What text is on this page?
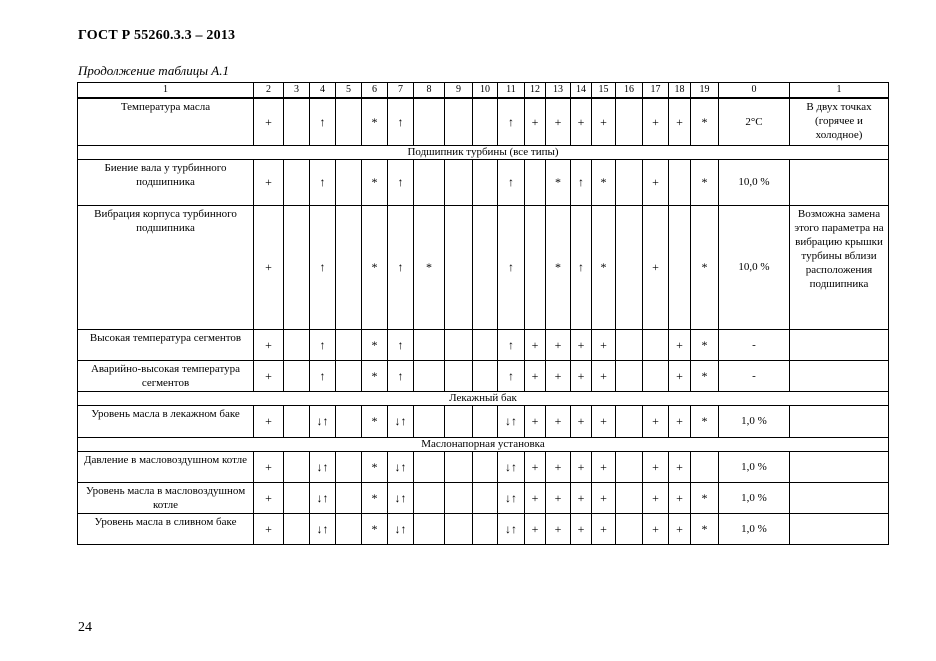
ГОСТ Р 55260.3.3 – 2013
Продолжение таблицы А.1
1	2	3	4	5	6	7	8	9	10	11	12	13	14	15	16	17	18	19	0	1
Температура масла	+		↑		*	↑				↑	+	+	+	+		+	+	*	2°C	В двух точках (горячее и холодное)
Подшипник турбины (все типы)																				
Биение вала у турбинного подшипника	+		↑		*	↑				↑		*	↑	*		+		*	10,0 %	
Вибрация корпуса турбинного подшипника	+		↑		*	↑	*			↑		*	↑	*		+		*	10,0 %	Возможна замена этого параметра на вибрацию крышки турбины вблизи расположения подшипника
Высокая температура сегментов	+		↑		*	↑				↑	+	+	+	+			+	*	-	
Аварийно-высокая температура сегментов	+		↑		*	↑				↑	+	+	+	+			+	*	-	
Лекажный бак																				
Уровень масла в лекажном баке	+		↓↑		*	↓↑				↓↑	+	+	+	+		+	+	*	1,0 %	
Маслонапорная установка																				
Давление в масловоздушном котле	+		↓↑		*	↓↑				↓↑	+	+	+	+		+	+		1,0 %	
Уровень масла в масловоздушном котле	+		↓↑		*	↓↑				↓↑	+	+	+	+		+	+	*	1,0 %	
Уровень масла в сливном баке	+		↓↑		*	↓↑				↓↑	+	+	+	+		+	+	*	1,0 %	
24
